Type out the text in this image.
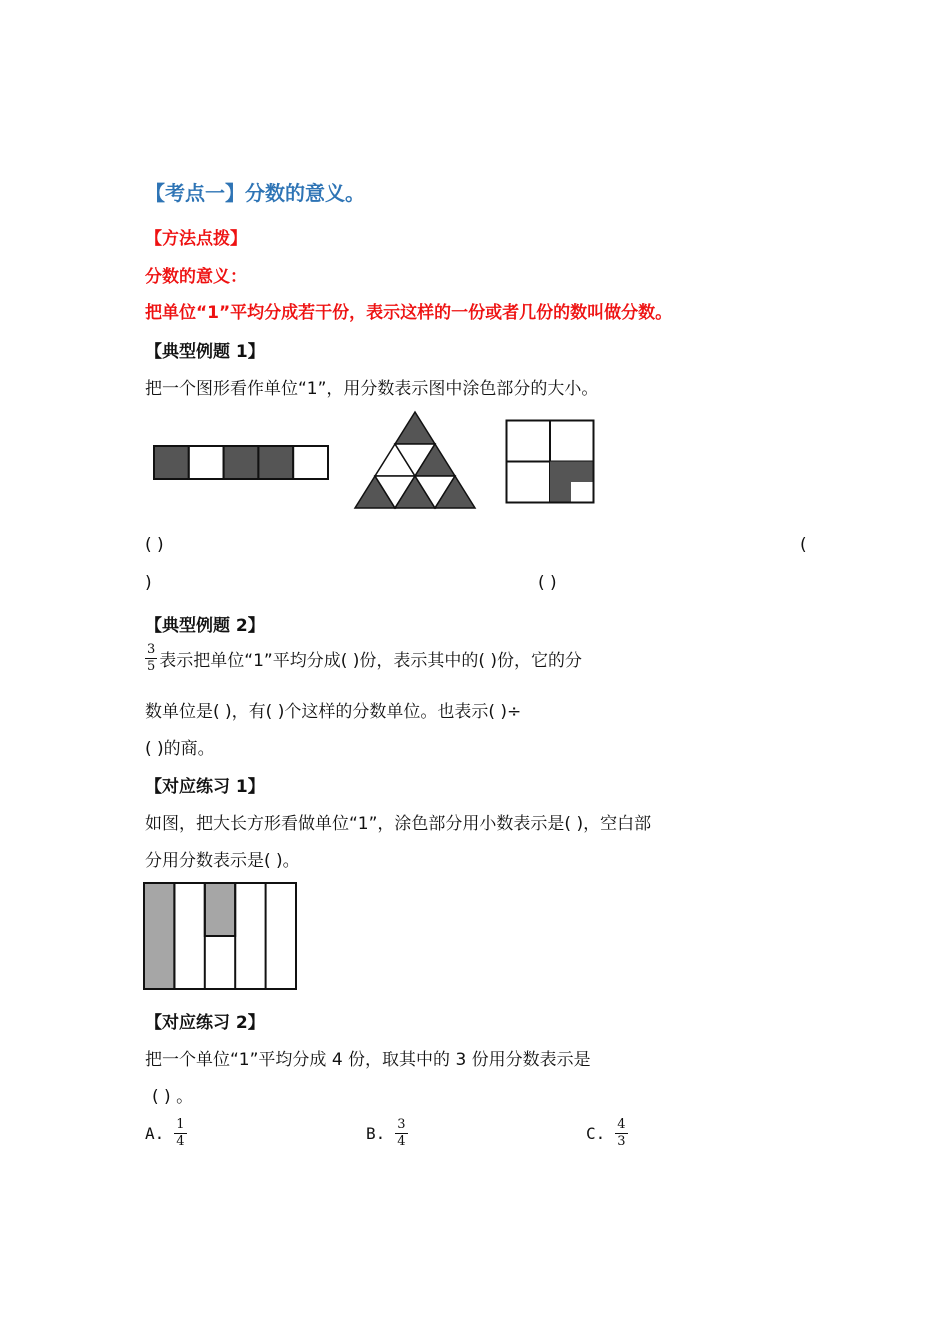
【考点一】分数的意义。
【方法点拨】
分数的意义：
把单位“1”平均分成若干份，表示这样的一份或者几份的数叫做分数。
【典型例题 1】
把一个图形看作单位“1”，用分数表示图中涂色部分的大小。
( )	(
)	( )
【典型例题 2】
$\frac{3}{5}$ 表示把单位“1”平均分成( )份，表示其中的( )份，它的分
数单位是( )，有( )个这样的分数单位。也表示( )÷
( )的商。
【对应练习 1】
如图，把大长方形看做单位“1”，涂色部分用小数表示是( )，空白部
分用分数表示是( )。
【对应练习 2】
把一个单位“1”平均分成 4 份，取其中的 3 份用分数表示是
( ) 。
A. $\frac{1}{4}$	B. $\frac{3}{4}$	C. $\frac{4}{3}$
